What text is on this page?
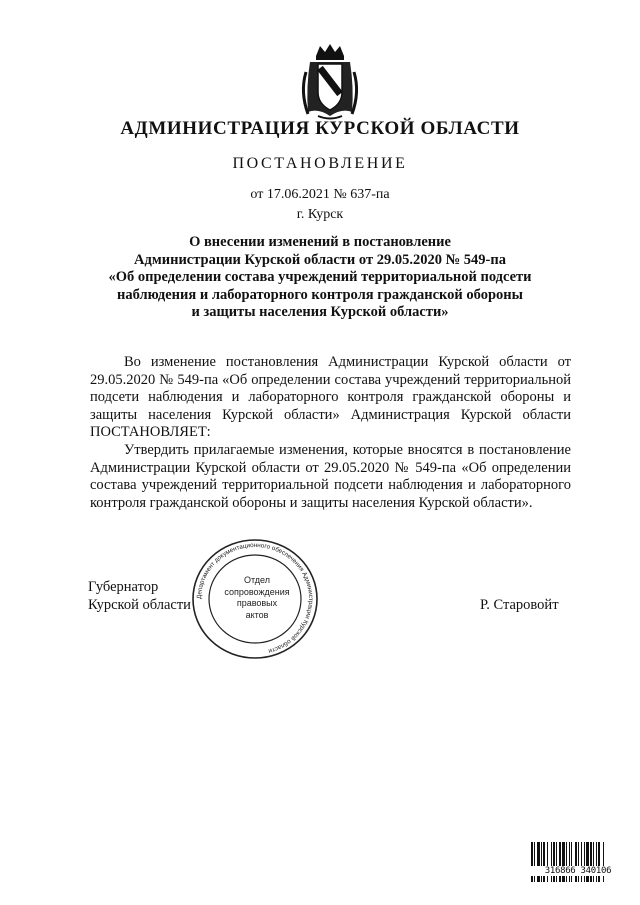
АДМИНИСТРАЦИЯ КУРСКОЙ ОБЛАСТИ
ПОСТАНОВЛЕНИЕ
от 17.06.2021 № 637-па
г. Курск
О внесении изменений в постановление
Администрации Курской области от 29.05.2020 № 549-па
«Об определении состава учреждений территориальной подсети
наблюдения и лабораторного контроля гражданской обороны
и защиты населения Курской области»

Во изменение постановления Администрации Курской области от 29.05.2020 № 549-па «Об определении состава учреждений территориальной подсети наблюдения и лабораторного контроля гражданской обороны и защиты населения Курской области» Администрация Курской области ПОСТАНОВЛЯЕТ:

Утвердить прилагаемые изменения, которые вносятся в постановление Администрации Курской области от 29.05.2020 № 549-па «Об определении состава учреждений территориальной подсети наблюдения и лабораторного контроля гражданской обороны и защиты населения Курской области».

Губернатор
Курской области	Р. Старовойт
Департамент документационного обеспечения Администрации Курской области
Отдел
сопровождения
правовых
актов
316866 340106
